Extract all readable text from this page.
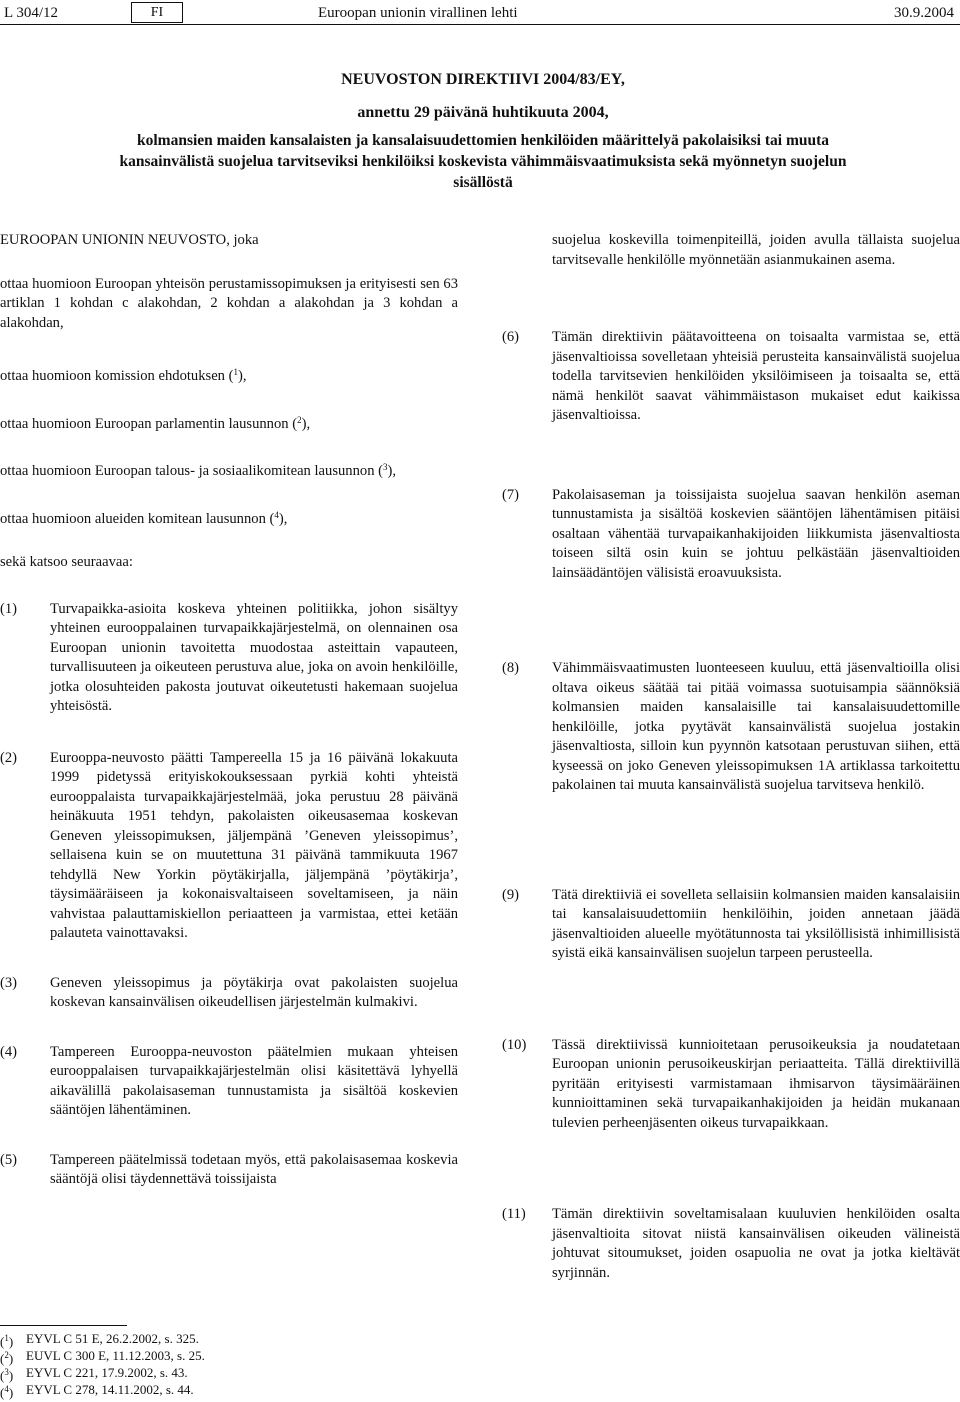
L 304/12	FI	Euroopan unionin virallinen lehti	30.9.2004
NEUVOSTON DIREKTIIVI 2004/83/EY,
annettu 29 päivänä huhtikuuta 2004,
kolmansien maiden kansalaisten ja kansalaisuudettomien henkilöiden määrittelyä pakolaisiksi tai muuta kansainvälistä suojelua tarvitseviksi henkilöiksi koskevista vähimmäisvaatimuksista sekä myönnetyn suojelun sisällöstä
EUROOPAN UNIONIN NEUVOSTO, joka
ottaa huomioon Euroopan yhteisön perustamissopimuksen ja erityisesti sen 63 artiklan 1 kohdan c alakohdan, 2 kohdan a alakohdan ja 3 kohdan a alakohdan,
ottaa huomioon komission ehdotuksen ($^1$),
ottaa huomioon Euroopan parlamentin lausunnon ($^2$),
ottaa huomioon Euroopan talous- ja sosiaalikomitean lausunnon ($^3$),
ottaa huomioon alueiden komitean lausunnon ($^4$),
sekä katsoo seuraavaa:
(1) Turvapaikka-asioita koskeva yhteinen politiikka, johon sisältyy yhteinen eurooppalainen turvapaikkajärjestelmä, on olennainen osa Euroopan unionin tavoitetta muodostaa asteittain vapauteen, turvallisuuteen ja oikeuteen perustuva alue, joka on avoin henkilöille, jotka olosuhteiden pakosta joutuvat oikeutetusti hakemaan suojelua yhteisöstä.
(2) Eurooppa-neuvosto päätti Tampereella 15 ja 16 päivänä lokakuuta 1999 pidetyssä erityiskokouksessaan pyrkiä kohti yhteistä eurooppalaista turvapaikkajärjestelmää, joka perustuu 28 päivänä heinäkuuta 1951 tehdyn, pakolaisten oikeusasemaa koskevan Geneven yleissopimuksen, jäljempänä ’Geneven yleissopimus’, sellaisena kuin se on muutettuna 31 päivänä tammikuuta 1967 tehdyllä New Yorkin pöytäkirjalla, jäljempänä ’pöytäkirja’, täysimääräiseen ja kokonaisvaltaiseen soveltamiseen, ja näin vahvistaa palauttamiskiellon periaatteen ja varmistaa, ettei ketään palauteta vainottavaksi.
(3) Geneven yleissopimus ja pöytäkirja ovat pakolaisten suojelua koskevan kansainvälisen oikeudellisen järjestelmän kulmakivi.
(4) Tampereen Eurooppa-neuvoston päätelmien mukaan yhteisen eurooppalaisen turvapaikkajärjestelmän olisi käsitettävä lyhyellä aikavälillä pakolaisaseman tunnustamista ja sisältöä koskevien sääntöjen lähentäminen.
(5) Tampereen päätelmissä todetaan myös, että pakolaisasemaa koskevia sääntöjä olisi täydennettävä toissijaista
suojelua koskevilla toimenpiteillä, joiden avulla tällaista suojelua tarvitsevalle henkilölle myönnetään asianmukainen asema.
(6) Tämän direktiivin päätavoitteena on toisaalta varmistaa se, että jäsenvaltioissa sovelletaan yhteisiä perusteita kansainvälistä suojelua todella tarvitsevien henkilöiden yksilöimiseen ja toisaalta se, että nämä henkilöt saavat vähimmäistason mukaiset edut kaikissa jäsenvaltioissa.
(7) Pakolaisaseman ja toissijaista suojelua saavan henkilön aseman tunnustamista ja sisältöä koskevien sääntöjen lähentämisen pitäisi osaltaan vähentää turvapaikanhakijoiden liikkumista jäsenvaltiosta toiseen siltä osin kuin se johtuu pelkästään jäsenvaltioiden lainsäädäntöjen välisistä eroavuuksista.
(8) Vähimmäisvaatimusten luonteeseen kuuluu, että jäsenvaltioilla olisi oltava oikeus säätää tai pitää voimassa suotuisampia säännöksiä kolmansien maiden kansalaisille tai kansalaisuudettomille henkilöille, jotka pyytävät kansainvälistä suojelua jostakin jäsenvaltiosta, silloin kun pyynnön katsotaan perustuvan siihen, että kyseessä on joko Geneven yleissopimuksen 1A artiklassa tarkoitettu pakolainen tai muuta kansainvälistä suojelua tarvitseva henkilö.
(9) Tätä direktiiviä ei sovelleta sellaisiin kolmansien maiden kansalaisiin tai kansalaisuudettomiin henkilöihin, joiden annetaan jäädä jäsenvaltioiden alueelle myötätunnosta tai yksilöllisistä inhimillisistä syistä eikä kansainvälisen suojelun tarpeen perusteella.
(10) Tässä direktiivissä kunnioitetaan perusoikeuksia ja noudatetaan Euroopan unionin perusoikeuskirjan periaatteita. Tällä direktiivillä pyritään erityisesti varmistamaan ihmisarvon täysimääräinen kunnioittaminen sekä turvapaikanhakijoiden ja heidän mukanaan tulevien perheenjäsenten oikeus turvapaikkaan.
(11) Tämän direktiivin soveltamisalaan kuuluvien henkilöiden osalta jäsenvaltioita sitovat niistä kansainvälisen oikeuden välineistä johtuvat sitoumukset, joiden osapuolia ne ovat ja jotka kieltävät syrjinnän.
($^1$) EYVL C 51 E, 26.2.2002, s. 325.
($^2$) EUVL C 300 E, 11.12.2003, s. 25.
($^3$) EYVL C 221, 17.9.2002, s. 43.
($^4$) EYVL C 278, 14.11.2002, s. 44.
